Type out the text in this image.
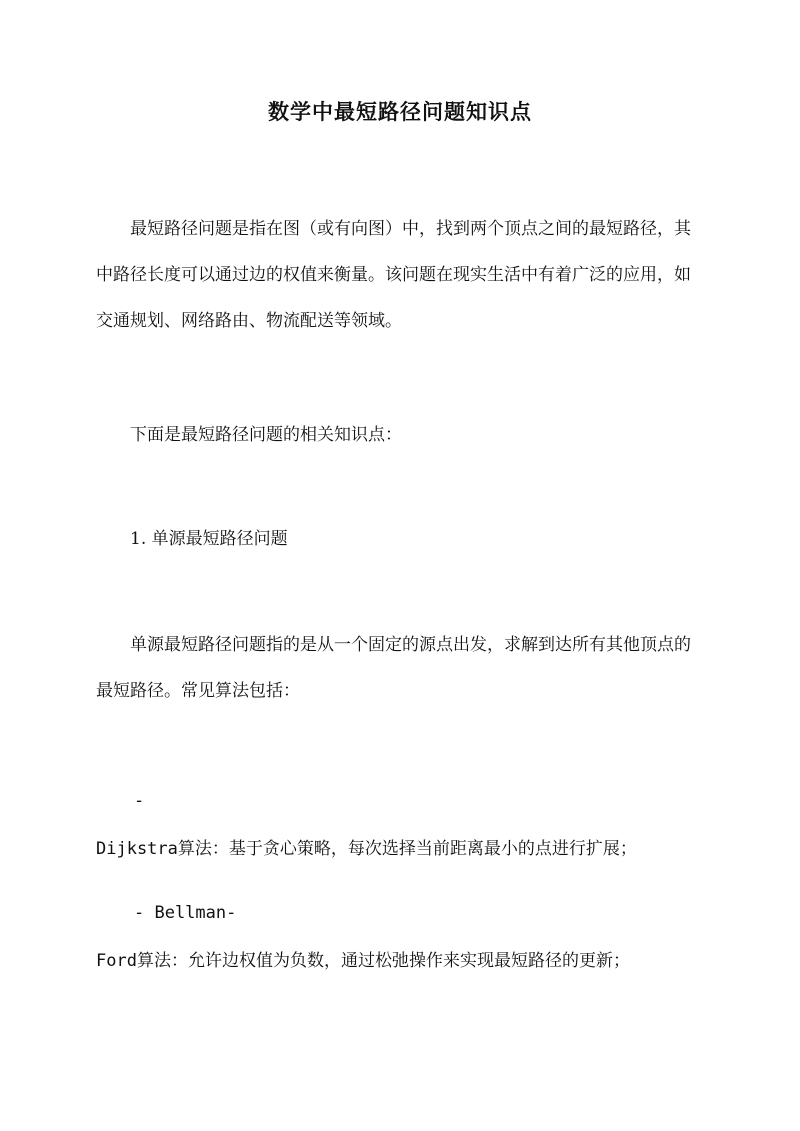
数学中最短路径问题知识点

最短路径问题是指在图（或有向图）中，找到两个顶点之间的最短路径，其中路径长度可以通过边的权值来衡量。该问题在现实生活中有着广泛的应用，如交通规划、网络路由、物流配送等领域。

下面是最短路径问题的相关知识点：

1. 单源最短路径问题

单源最短路径问题指的是从一个固定的源点出发，求解到达所有其他顶点的最短路径。常见算法包括：

-

Dijkstra算法：基于贪心策略，每次选择当前距离最小的点进行扩展；

- Bellman-

Ford算法：允许边权值为负数，通过松弛操作来实现最短路径的更新；
